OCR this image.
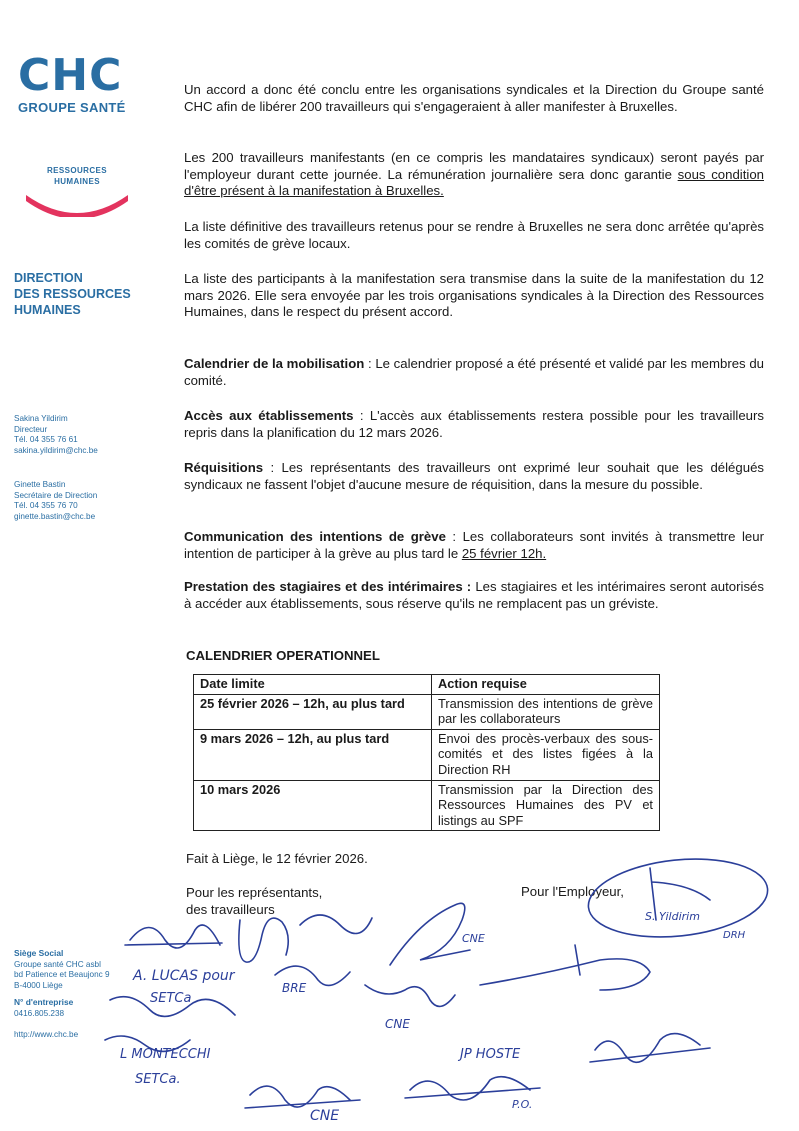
CHC
GROUPE SANTÉ
RESSOURCES
HUMAINES
DIRECTION
DES RESSOURCES
HUMAINES
Sakina Yildirim
Directeur
Tél. 04 355 76 61
sakina.yildirim@chc.be
Ginette Bastin
Secrétaire de Direction
Tél. 04 355 76 70
ginette.bastin@chc.be
Siège Social
Groupe santé CHC asbl
bd Patience et Beaujonc 9
B-4000 Liège
N° d'entreprise
0416.805.238
http://www.chc.be

Un accord a donc été conclu entre les organisations syndicales et la Direction du Groupe santé CHC afin de libérer 200 travailleurs qui s'engageraient à aller manifester à Bruxelles.

Les 200 travailleurs manifestants (en ce compris les mandataires syndicaux) seront payés par l'employeur durant cette journée. La rémunération journalière sera donc garantie sous condition d'être présent à la manifestation à Bruxelles.

La liste définitive des travailleurs retenus pour se rendre à Bruxelles ne sera donc arrêtée qu'après les comités de grève locaux.

La liste des participants à la manifestation sera transmise dans la suite de la manifestation du 12 mars 2026. Elle sera envoyée par les trois organisations syndicales à la Direction des Ressources Humaines, dans le respect du présent accord.

Calendrier de la mobilisation : Le calendrier proposé a été présenté et validé par les membres du comité.

Accès aux établissements : L'accès aux établissements restera possible pour les travailleurs repris dans la planification du 12 mars 2026.

Réquisitions : Les représentants des travailleurs ont exprimé leur souhait que les délégués syndicaux ne fassent l'objet d'aucune mesure de réquisition, dans la mesure du possible.

Communication des intentions de grève : Les collaborateurs sont invités à transmettre leur intention de participer à la grève au plus tard le 25 février 12h.

Prestation des stagiaires et des intérimaires : Les stagiaires et les intérimaires seront autorisés à accéder aux établissements, sous réserve qu'ils ne remplacent pas un gréviste.

CALENDRIER OPERATIONNEL
Date limite	Action requise
25 février 2026 – 12h, au plus tard	Transmission des intentions de grève par les collaborateurs
9 mars 2026 – 12h, au plus tard	Envoi des procès-verbaux des sous-comités et des listes figées à la Direction RH
10 mars 2026	Transmission par la Direction des Ressources Humaines des PV et listings au SPF
Fait à Liège, le 12 février 2026.
Pour les représentants,
des travailleurs
Pour l'Employeur,
S. Yildirim
DRH
A. LUCAS pour
SETCa
L MONTECCHI
SETCa.
CNE
CNE
CNE
BRE
JP HOSTE
P.O.
